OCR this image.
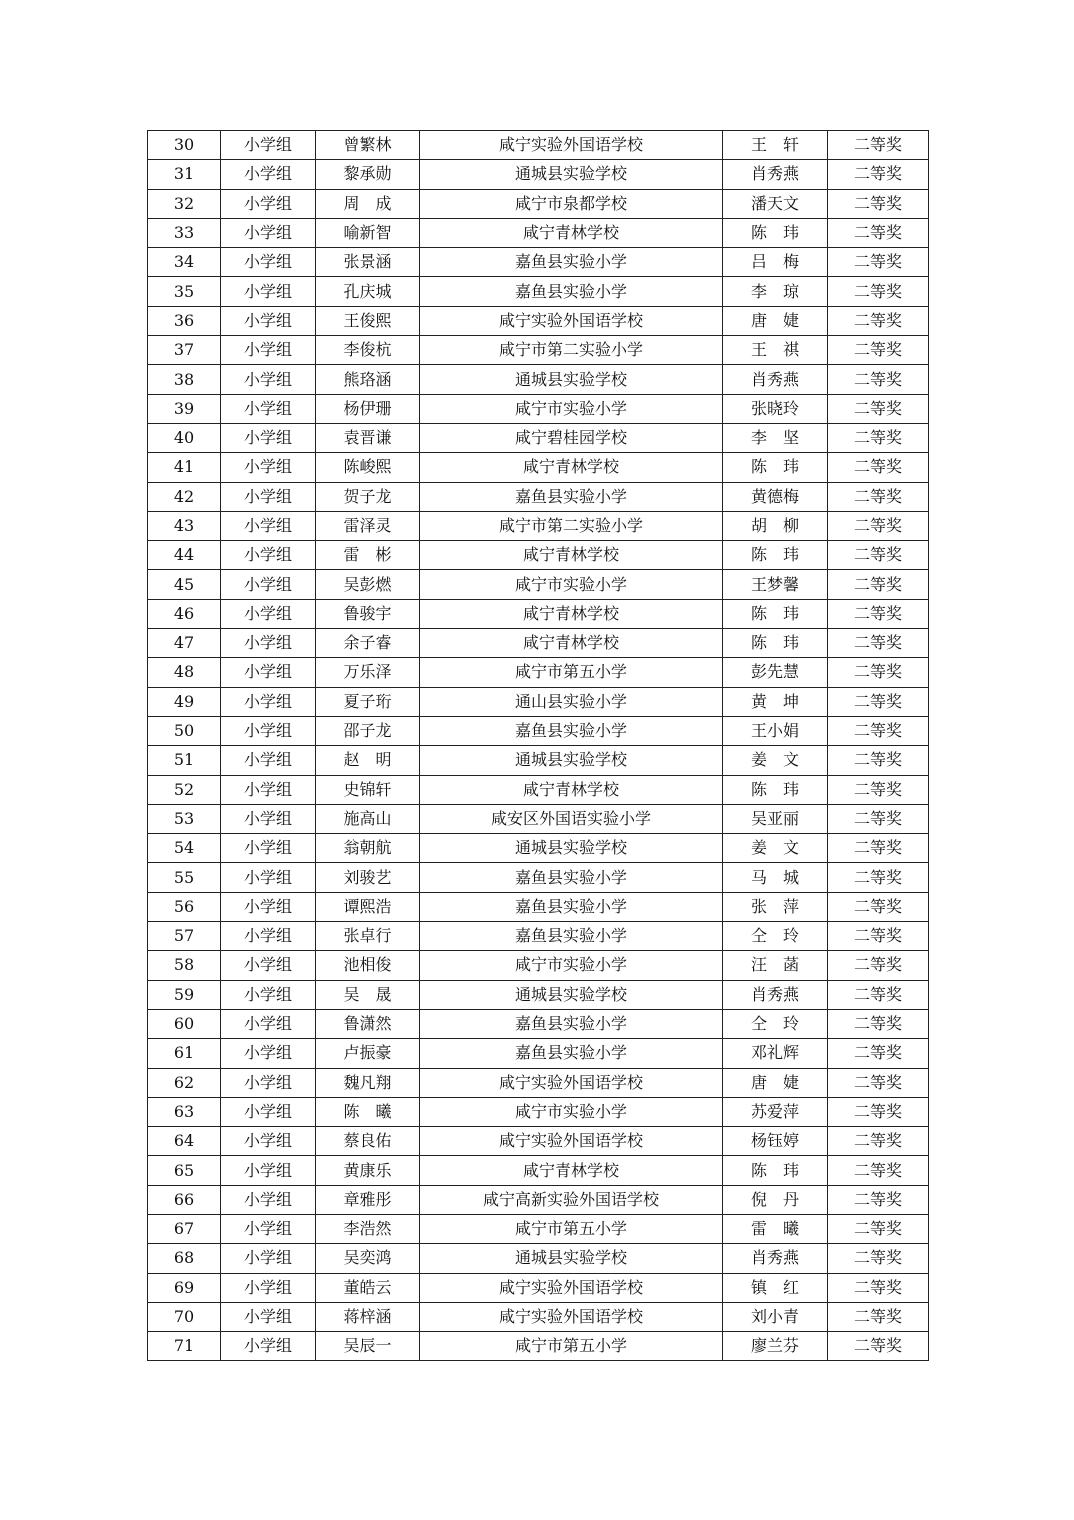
30	小学组	曾繁林	咸宁实验外国语学校	王　轩	二等奖
31	小学组	黎承勋	通城县实验学校	肖秀燕	二等奖
32	小学组	周　成	咸宁市泉都学校	潘天文	二等奖
33	小学组	喻新智	咸宁青林学校	陈　玮	二等奖
34	小学组	张景涵	嘉鱼县实验小学	吕　梅	二等奖
35	小学组	孔庆城	嘉鱼县实验小学	李　琼	二等奖
36	小学组	王俊熙	咸宁实验外国语学校	唐　婕	二等奖
37	小学组	李俊杭	咸宁市第二实验小学	王　祺	二等奖
38	小学组	熊珞涵	通城县实验学校	肖秀燕	二等奖
39	小学组	杨伊珊	咸宁市实验小学	张晓玲	二等奖
40	小学组	袁晋谦	咸宁碧桂园学校	李　坚	二等奖
41	小学组	陈峻熙	咸宁青林学校	陈　玮	二等奖
42	小学组	贺子龙	嘉鱼县实验小学	黄德梅	二等奖
43	小学组	雷泽灵	咸宁市第二实验小学	胡　柳	二等奖
44	小学组	雷　彬	咸宁青林学校	陈　玮	二等奖
45	小学组	吴彭燃	咸宁市实验小学	王梦馨	二等奖
46	小学组	鲁骏宇	咸宁青林学校	陈　玮	二等奖
47	小学组	余子睿	咸宁青林学校	陈　玮	二等奖
48	小学组	万乐泽	咸宁市第五小学	彭先慧	二等奖
49	小学组	夏子珩	通山县实验小学	黄　坤	二等奖
50	小学组	邵子龙	嘉鱼县实验小学	王小娟	二等奖
51	小学组	赵　明	通城县实验学校	姜　文	二等奖
52	小学组	史锦轩	咸宁青林学校	陈　玮	二等奖
53	小学组	施高山	咸安区外国语实验小学	吴亚丽	二等奖
54	小学组	翁朝航	通城县实验学校	姜　文	二等奖
55	小学组	刘骏艺	嘉鱼县实验小学	马　城	二等奖
56	小学组	谭熙浩	嘉鱼县实验小学	张　萍	二等奖
57	小学组	张卓行	嘉鱼县实验小学	仝　玲	二等奖
58	小学组	池相俊	咸宁市实验小学	汪　菡	二等奖
59	小学组	吴　晟	通城县实验学校	肖秀燕	二等奖
60	小学组	鲁潇然	嘉鱼县实验小学	仝　玲	二等奖
61	小学组	卢振豪	嘉鱼县实验小学	邓礼辉	二等奖
62	小学组	魏凡翔	咸宁实验外国语学校	唐　婕	二等奖
63	小学组	陈　曦	咸宁市实验小学	苏爱萍	二等奖
64	小学组	蔡良佑	咸宁实验外国语学校	杨钰婷	二等奖
65	小学组	黄康乐	咸宁青林学校	陈　玮	二等奖
66	小学组	章雅彤	咸宁高新实验外国语学校	倪　丹	二等奖
67	小学组	李浩然	咸宁市第五小学	雷　曦	二等奖
68	小学组	吴奕鸿	通城县实验学校	肖秀燕	二等奖
69	小学组	董皓云	咸宁实验外国语学校	镇　红	二等奖
70	小学组	蒋梓涵	咸宁实验外国语学校	刘小青	二等奖
71	小学组	吴辰一	咸宁市第五小学	廖兰芬	二等奖
